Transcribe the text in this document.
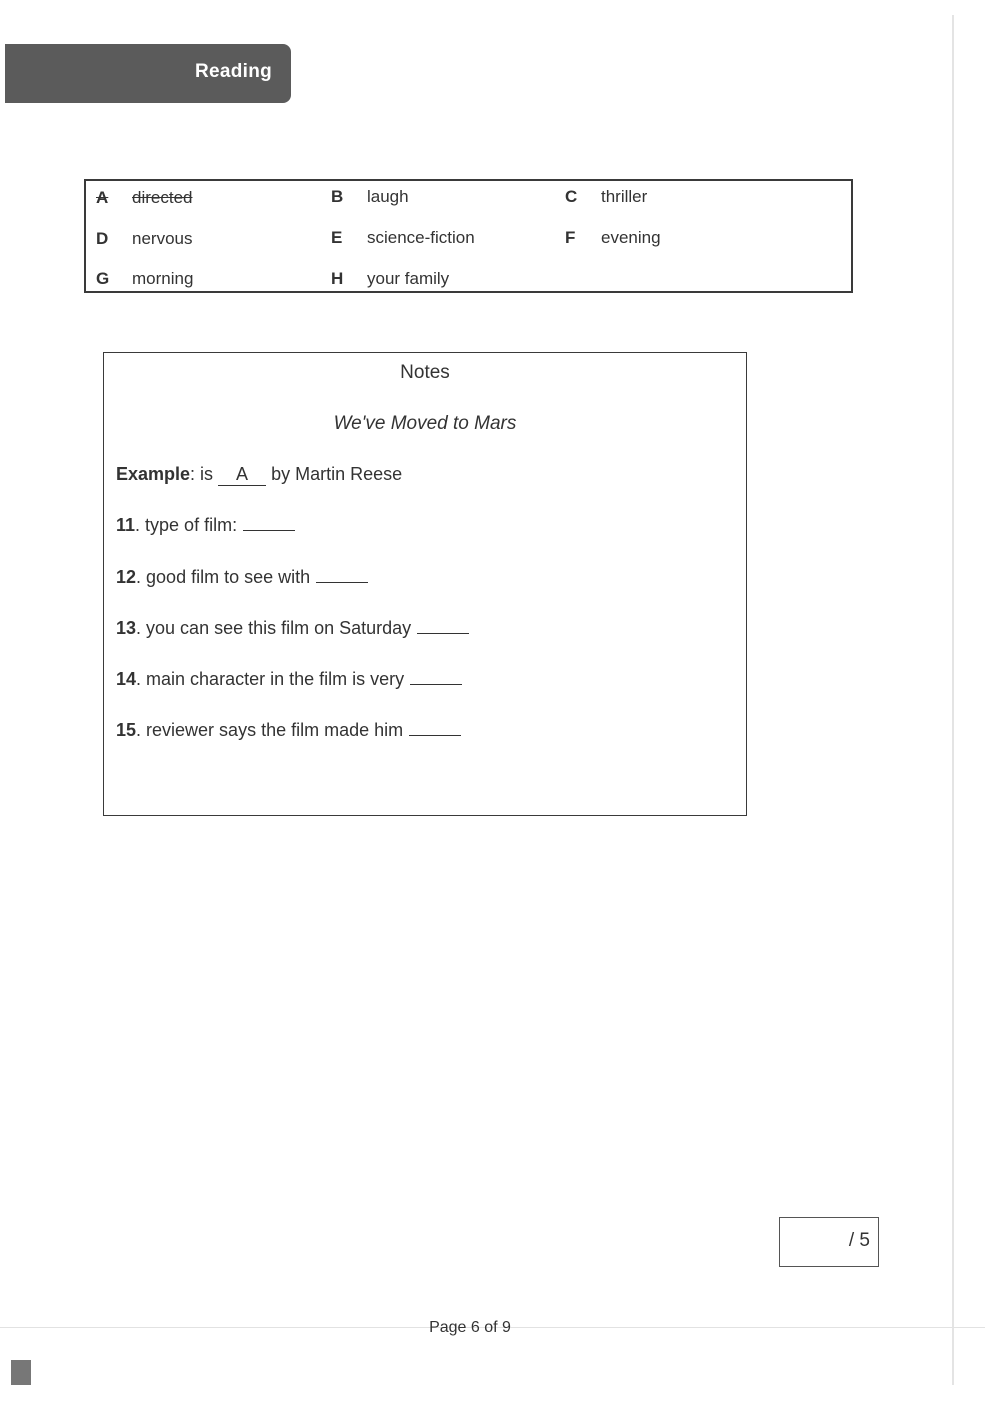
Reading
A directed	B laugh	C thriller
D nervous	E science-fiction	F evening
G morning	H your family
Notes
We've Moved to Mars
Example: is A by Martin Reese
11. type of film:
12. good film to see with
13. you can see this film on Saturday
14. main character in the film is very
15. reviewer says the film made him
/ 5
Page 6 of 9
